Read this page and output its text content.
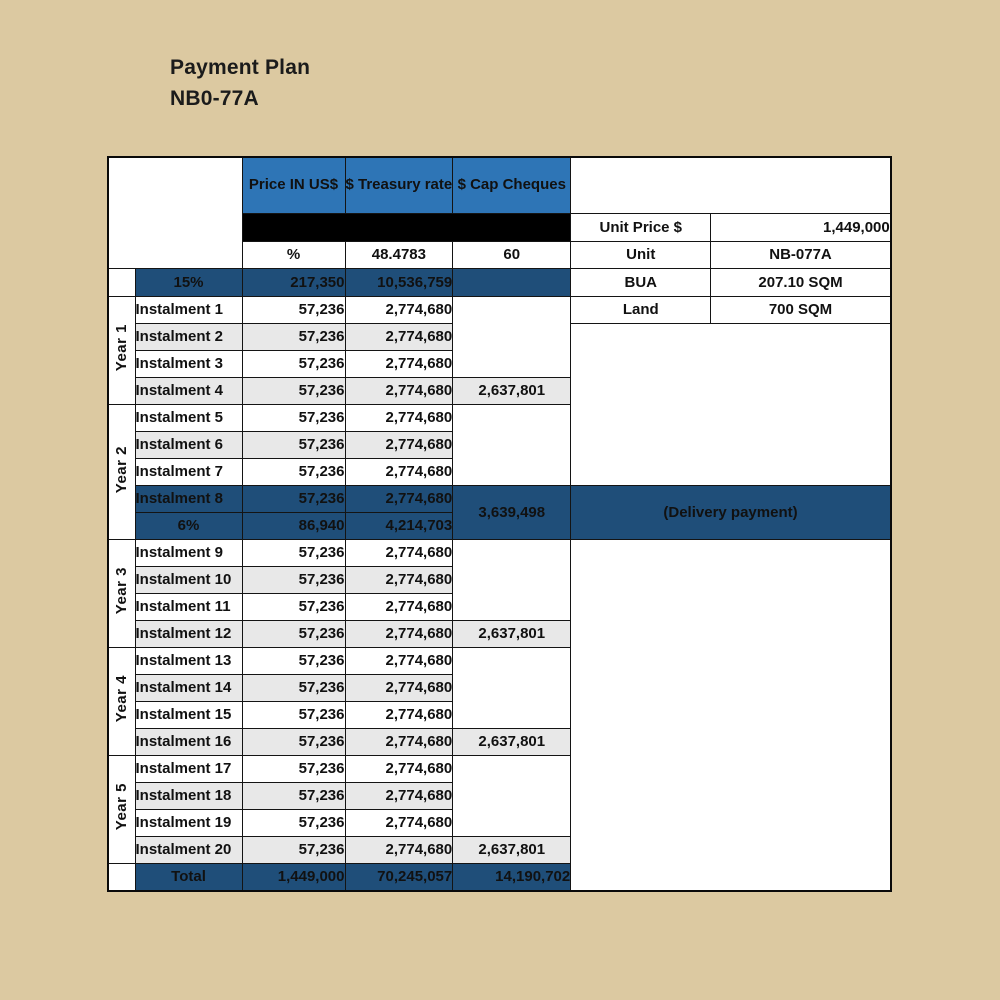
Payment Plan
NB0-77A
		Price IN US$	$ Treasury rate	$ Cap Cheques		
					Unit Price $	1,449,000
		%	48.4783	60	Unit	NB-077A
	15%	217,350	10,536,759		BUA	207.10 SQM
Year 1	Instalment 1	57,236	2,774,680		Land	700 SQM
	Instalment 2	57,236	2,774,680			
	Instalment 3	57,236	2,774,680			
	Instalment 4	57,236	2,774,680	2,637,801		
Year 2	Instalment 5	57,236	2,774,680			
	Instalment 6	57,236	2,774,680			
	Instalment 7	57,236	2,774,680			
	Instalment 8	57,236	2,774,680	3,639,498	(Delivery payment)	
	6%	86,940	4,214,703			
Year 3	Instalment 9	57,236	2,774,680			
	Instalment 10	57,236	2,774,680			
	Instalment 11	57,236	2,774,680			
	Instalment 12	57,236	2,774,680	2,637,801		
Year 4	Instalment 13	57,236	2,774,680			
	Instalment 14	57,236	2,774,680			
	Instalment 15	57,236	2,774,680			
	Instalment 16	57,236	2,774,680	2,637,801		
Year 5	Instalment 17	57,236	2,774,680			
	Instalment 18	57,236	2,774,680			
	Instalment 19	57,236	2,774,680			
	Instalment 20	57,236	2,774,680	2,637,801		
	Total	1,449,000	70,245,057	14,190,702		
